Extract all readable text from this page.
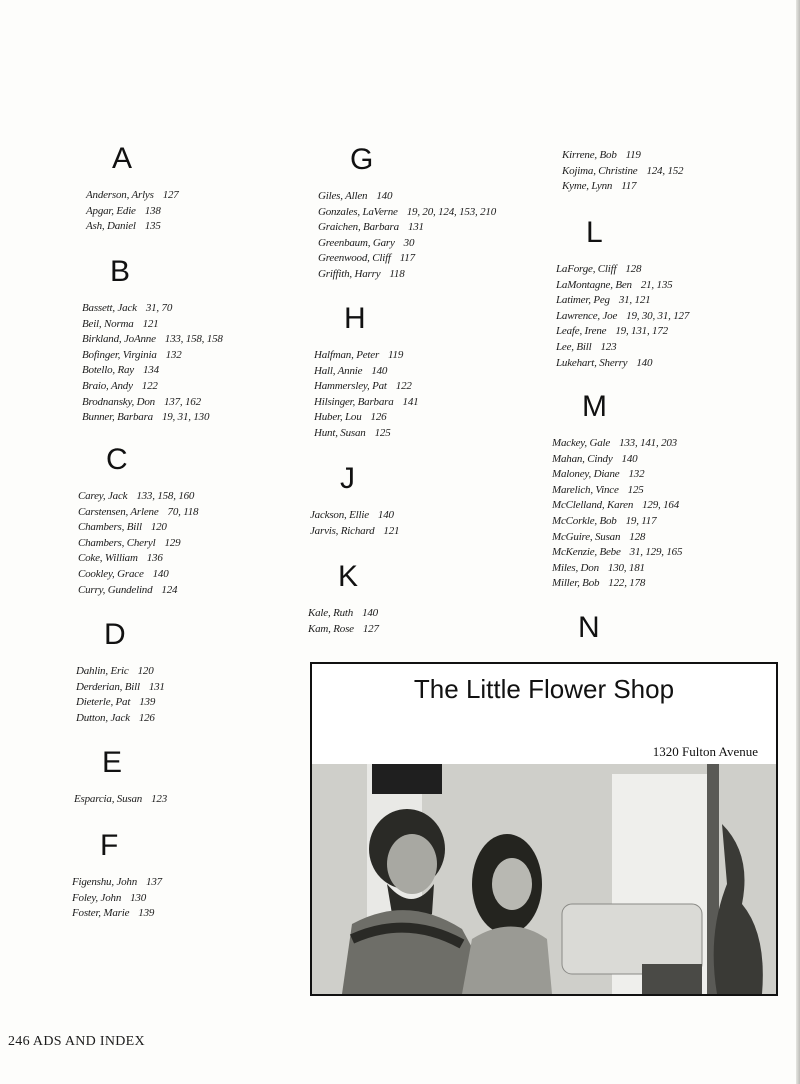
A
Anderson, Arlys 127
Apgar, Edie 138
Ash, Daniel 135
B
Bassett, Jack 31, 70
Beil, Norma 121
Birkland, JoAnne 133, 158, 158
Bofinger, Virginia 132
Botello, Ray 134
Braio, Andy 122
Brodnansky, Don 137, 162
Bunner, Barbara 19, 31, 130
C
Carey, Jack 133, 158, 160
Carstensen, Arlene 70, 118
Chambers, Bill 120
Chambers, Cheryl 129
Coke, William 136
Cookley, Grace 140
Curry, Gundelind 124
D
Dahlin, Eric 120
Derderian, Bill 131
Dieterle, Pat 139
Dutton, Jack 126
E
Esparcia, Susan 123
F
Figenshu, John 137
Foley, John 130
Foster, Marie 139
G
Giles, Allen 140
Gonzales, LaVerne 19, 20, 124, 153, 210
Graichen, Barbara 131
Greenbaum, Gary 30
Greenwood, Cliff 117
Griffith, Harry 118
H
Halfman, Peter 119
Hall, Annie 140
Hammersley, Pat 122
Hilsinger, Barbara 141
Huber, Lou 126
Hunt, Susan 125
J
Jackson, Ellie 140
Jarvis, Richard 121
K
Kale, Ruth 140
Kam, Rose 127
Kirrene, Bob 119
Kojima, Christine 124, 152
Kyme, Lynn 117
L
LaForge, Cliff 128
LaMontagne, Ben 21, 135
Latimer, Peg 31, 121
Lawrence, Joe 19, 30, 31, 127
Leafe, Irene 19, 131, 172
Lee, Bill 123
Lukehart, Sherry 140
M
Mackey, Gale 133, 141, 203
Mahan, Cindy 140
Maloney, Diane 132
Marelich, Vince 125
McClelland, Karen 129, 164
McCorkle, Bob 19, 117
McGuire, Susan 128
McKenzie, Bebe 31, 129, 165
Miles, Don 130, 181
Miller, Bob 122, 178
N
The Little Flower Shop
1320 Fulton Avenue
246 ADS AND INDEX
